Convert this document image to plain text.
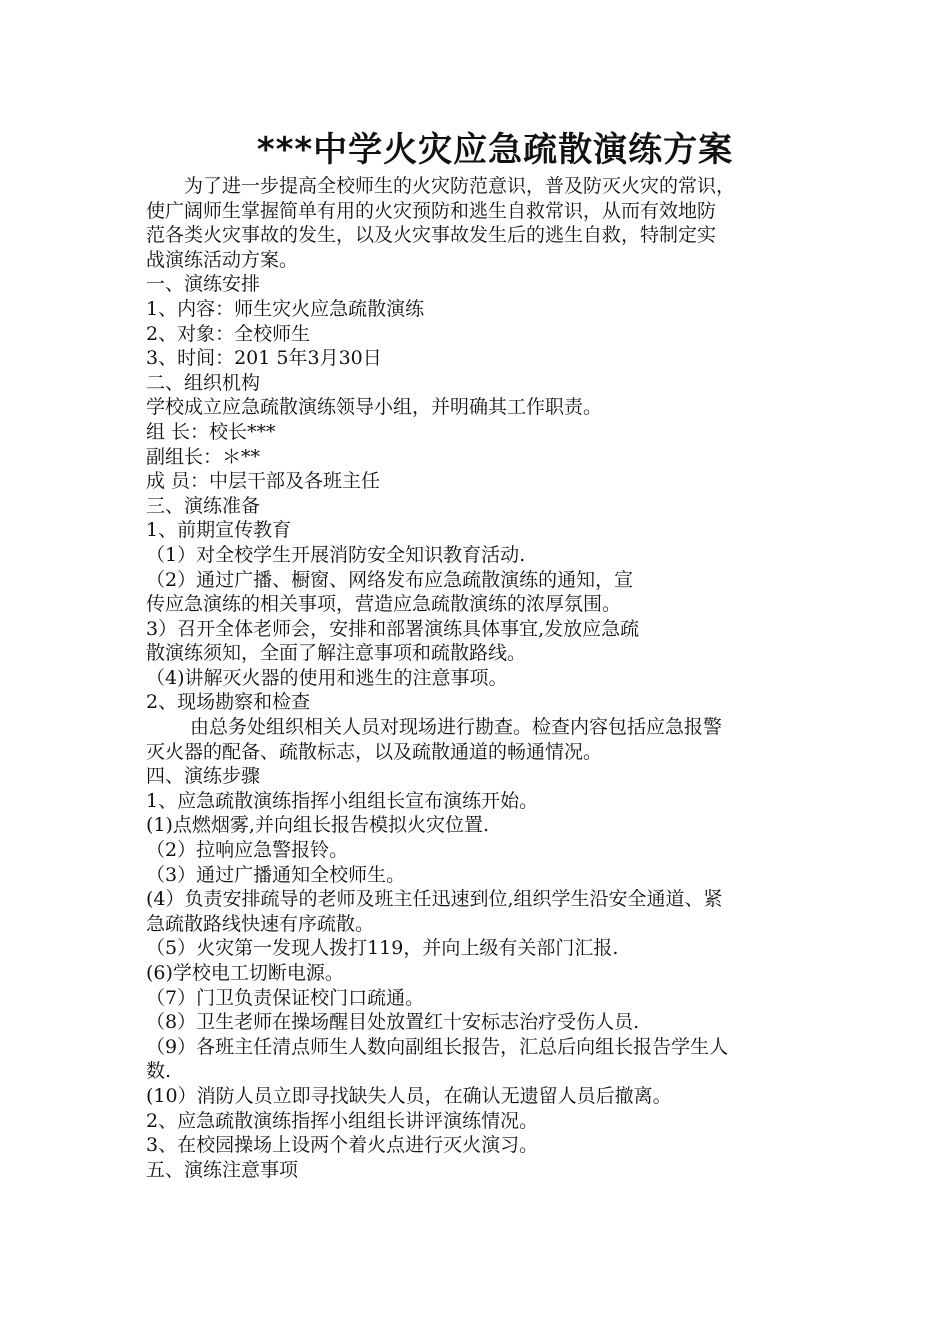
***中学火灾应急疏散演练方案
为了进一步提高全校师生的火灾防范意识，普及防灭火灾的常识，
使广阔师生掌握简单有用的火灾预防和逃生自救常识，从而有效地防
范各类火灾事故的发生，以及火灾事故发生后的逃生自救，特制定实
战演练活动方案。
一、演练安排
1、内容：师生灾火应急疏散演练
2、对象：全校师生
3、时间：201 5年3月30日
二、组织机构
学校成立应急疏散演练领导小组，并明确其工作职责。
组 长：校长***
副组长：＊**
成 员：中层干部及各班主任
三、演练准备
1、前期宣传教育
（1）对全校学生开展消防安全知识教育活动.
（2）通过广播、橱窗、网络发布应急疏散演练的通知，宣
传应急演练的相关事项，营造应急疏散演练的浓厚氛围。
3）召开全体老师会，安排和部署演练具体事宜,发放应急疏
散演练须知，全面了解注意事项和疏散路线。
（4)讲解灭火器的使用和逃生的注意事项。
2、现场勘察和检查
由总务处组织相关人员对现场进行勘查。检查内容包括应急报警
灭火器的配备、疏散标志，以及疏散通道的畅通情况。
四、演练步骤
1、应急疏散演练指挥小组组长宣布演练开始。
(1)点燃烟雾,并向组长报告模拟火灾位置.
（2）拉响应急警报铃。
（3）通过广播通知全校师生。
(4）负责安排疏导的老师及班主任迅速到位,组织学生沿安全通道、紧
急疏散路线快速有序疏散。
（5）火灾第一发现人拨打119，并向上级有关部门汇报.
(6)学校电工切断电源。
（7）门卫负责保证校门口疏通。
（8）卫生老师在操场醒目处放置红十安标志治疗受伤人员.
（9）各班主任清点师生人数向副组长报告，汇总后向组长报告学生人
数.
(10）消防人员立即寻找缺失人员，在确认无遗留人员后撤离。
2、应急疏散演练指挥小组组长讲评演练情况。
3、在校园操场上设两个着火点进行灭火演习。
五、演练注意事项
